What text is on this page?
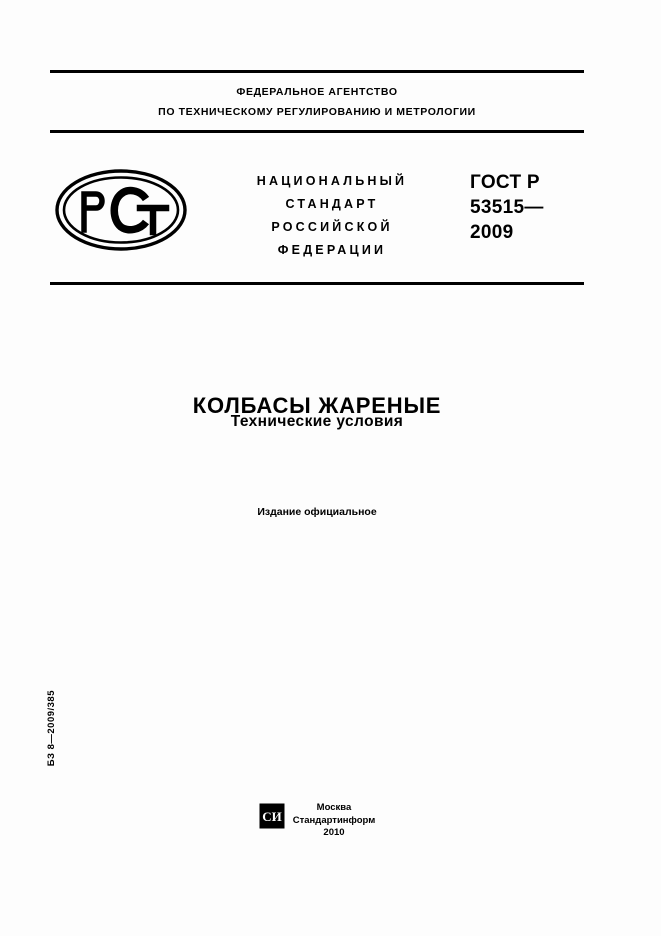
ФЕДЕРАЛЬНОЕ АГЕНТСТВО
ПО ТЕХНИЧЕСКОМУ РЕГУЛИРОВАНИЮ И МЕТРОЛОГИИ
НАЦИОНАЛЬНЫЙ
СТАНДАРТ
РОССИЙСКОЙ
ФЕДЕРАЦИИ
ГОСТ Р
53515—
2009
КОЛБАСЫ ЖАРЕНЫЕ
Технические условия
Издание официальное
БЗ 8—2009/385
СИ
Москва
Стандартинформ
2010
